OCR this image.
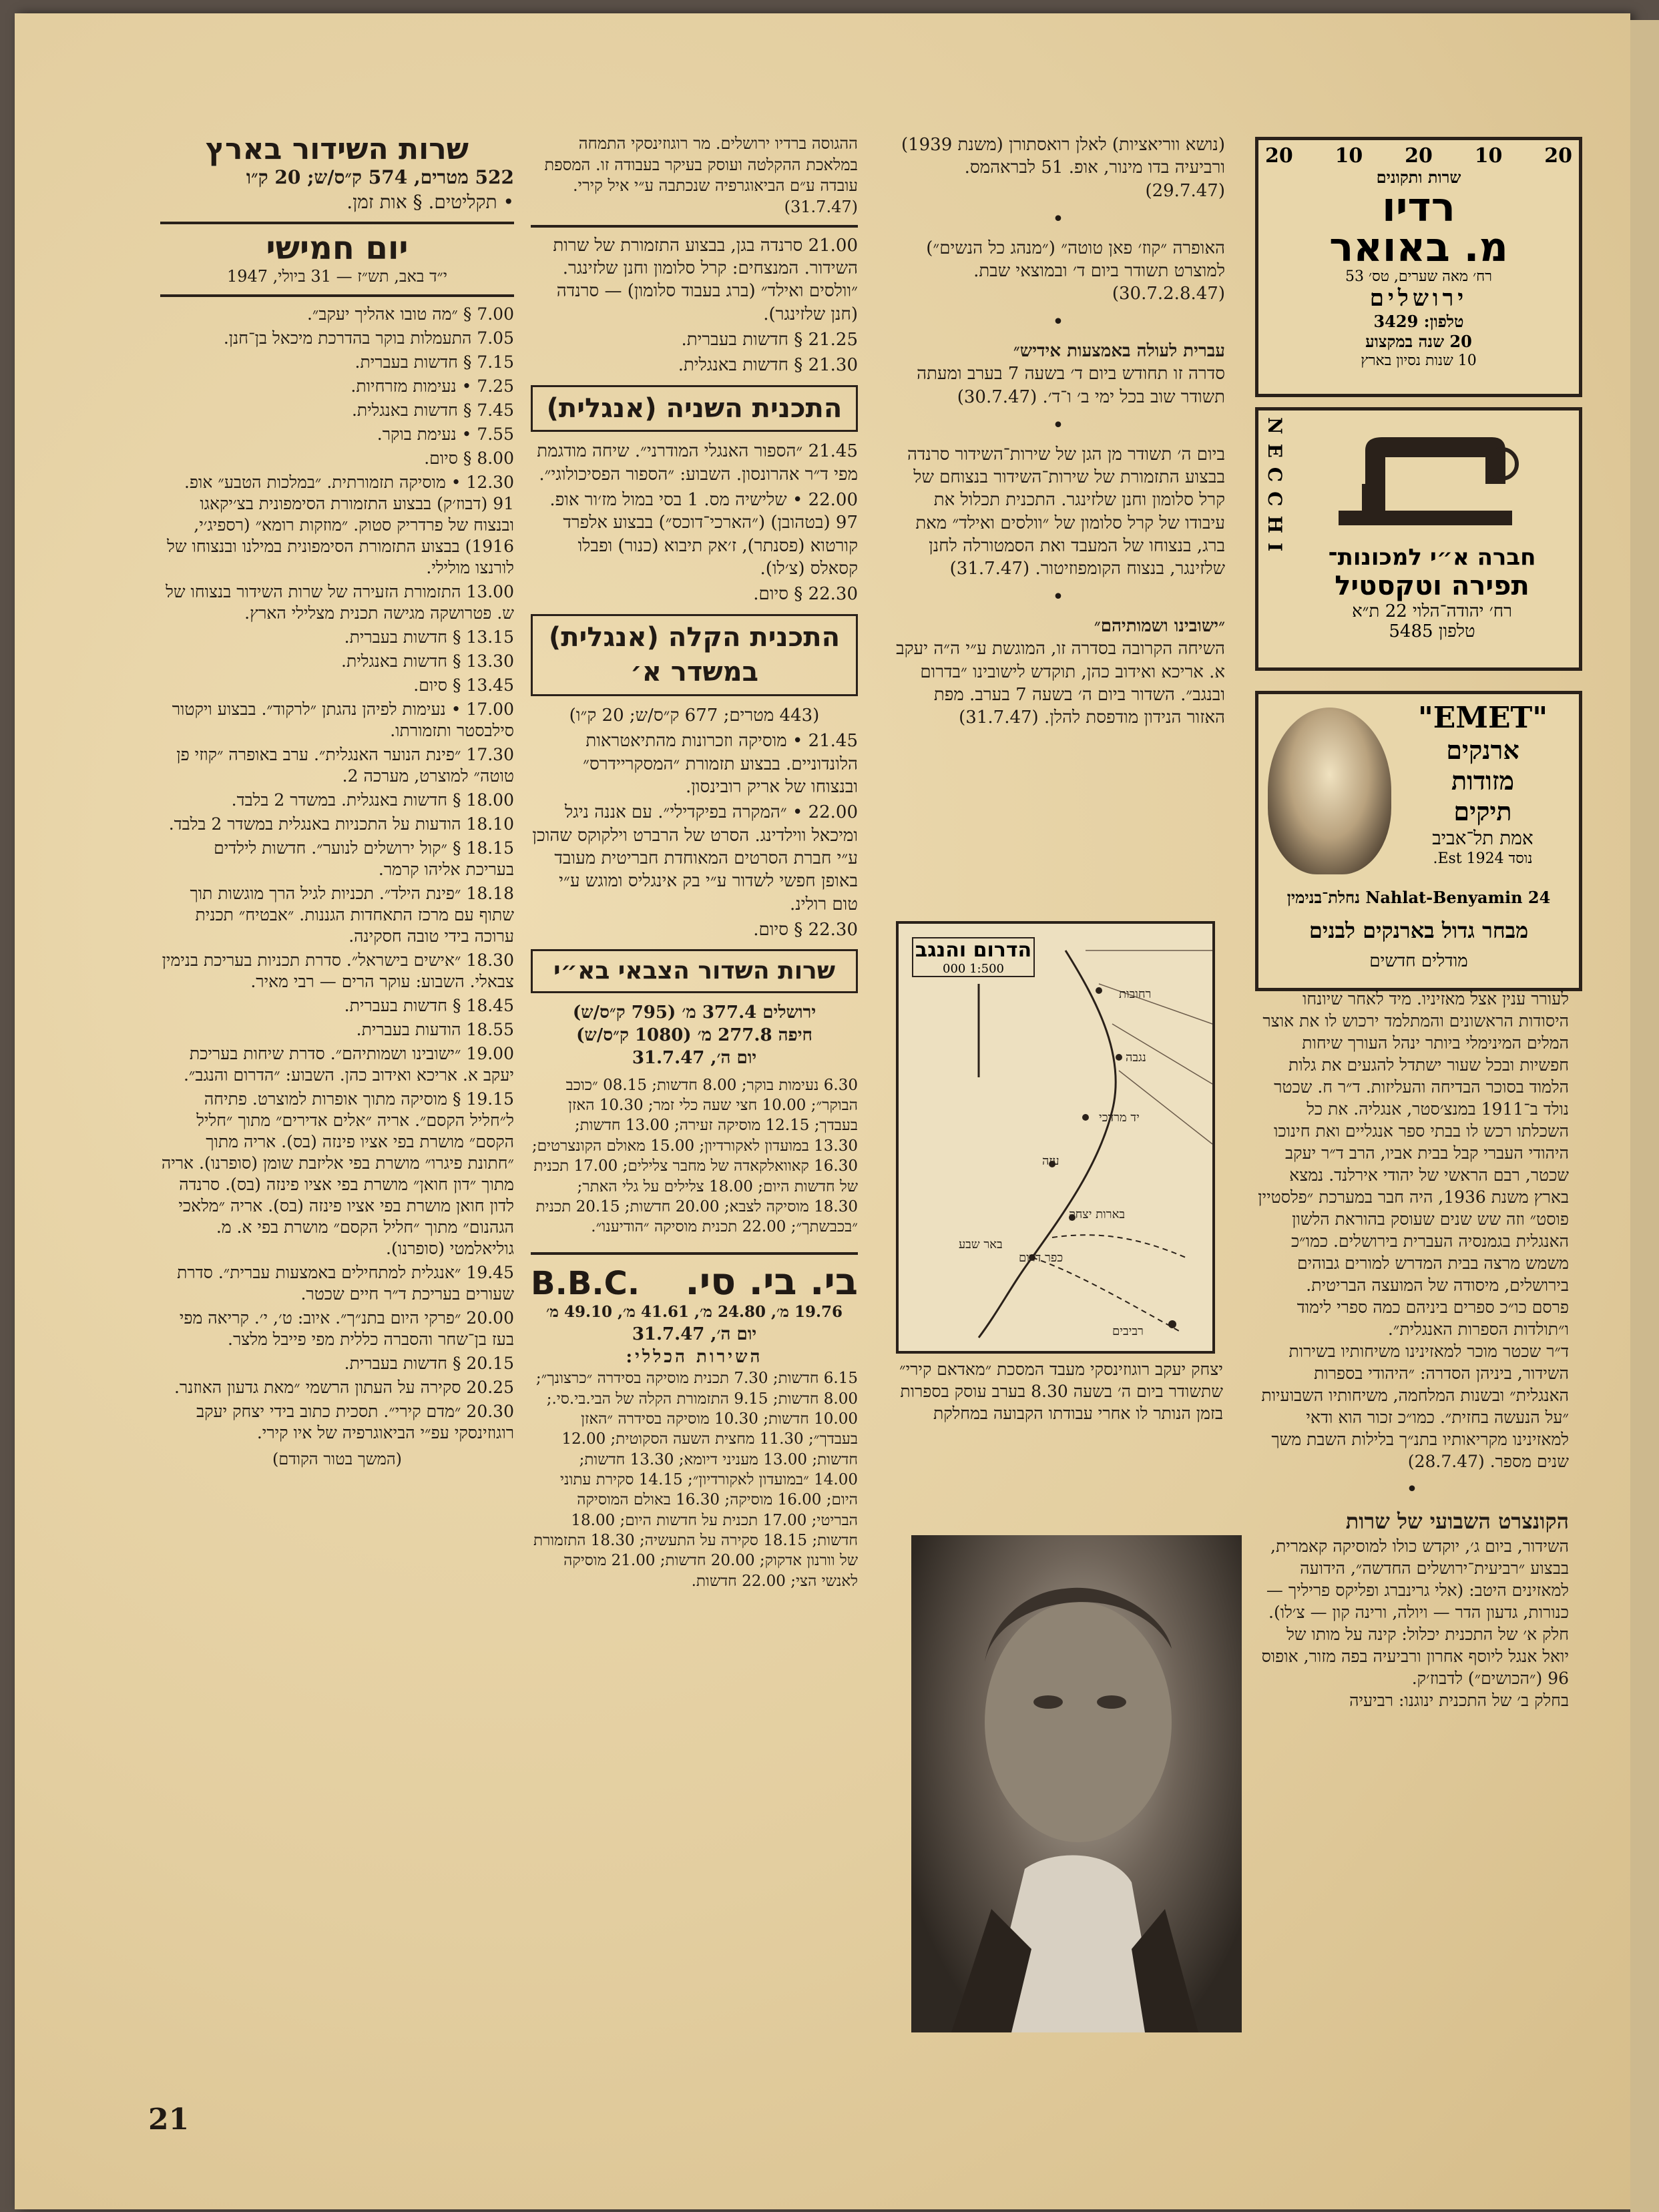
שרות השידור בארץ
522 מטרים, 574 ק״ס/ש; 20 ק״ו
• תקליטים. § אות זמן.
יום חמישי
י״ד באב, תש״ז — 31 ביולי, 1947
7.00 § ״מה טובו אהליך יעקב״.
7.05 התעמלות בוקר בהדרכת מיכאל בן־חנן.
7.15 § חדשות בעברית.
7.25 • נעימות מזרחיות.
7.45 § חדשות באנגלית.
7.55 • נעימת בוקר.
8.00 § סיום.
12.30 • מוסיקה תזמורתית. ״במלכות הטבע״ אופ. 91 (דבוז׳ק) בבצוע התזמורת הסימפונית בצ׳יקאגו ובנצוח של פרדריק סטוק. ״מוזקות רומא״ (רספיג׳י, 1916) בבצוע התזמורת הסימפונית במילנו ובנצוחו של לורנצו מולילי.
13.00 התזמורת הזעירה של שרות השידור בנצוחו של ש. פטרושקה מגישה תכנית מצלילי הארץ.
13.15 § חדשות בעברית.
13.30 § חדשות באנגלית.
13.45 § סיום.
17.00 • נעימות לפיהן נהגתן ״לרקוד״. בבצוע ויקטור סילבסטר ותזמורתו.
17.30 ״פינת הנוער האנגלית״. ערב באופרה ״קוזי פן טוטה״ למוצרט, מערכה 2.
18.00 § חדשות באנגלית. במשדר 2 בלבד.
18.10 הודעות על התכניות באנגלית במשדר 2 בלבד.
18.15 § ״קול ירושלים לנוער״. חדשות לילדים בעריכת אליהו קרמר.
18.18 ״פינת הילד״. תכניות לגיל הרך מוגשות תוך שתוף עם מרכז התאחדות הגננות. ״אבטיח״ תכנית ערוכה בידי טובה חסקינה.
18.30 ״אישים בישראל״. סדרת תכניות בעריכת בנימין צבאלי. השבוע: עוקר הרים — רבי מאיר.
18.45 § חדשות בעברית.
18.55 הודעות בעברית.
19.00 ״ישובינו ושמותיהם״. סדרת שיחות בעריכת יעקב א. אריכא ואידוב כהן. השבוע: ״הדרום והנגב״.
19.15 § מוסיקה מתוך אופרות למוצרט. פתיחה ל״חליל הקסם״. אריה ״אלים אדירים״ מתוך ״חליל הקסם״ מושרת בפי אציו פינזה (בס). אריה מתוך ״חתונת פיגרו״ מושרת בפי אליזבת שומן (סופרנו). אריה מתוך ״דון חואן״ מושרת בפי אציו פינזה (בס). סרנדה לדון חואן מושרת בפי אציו פינזה (בס). אריה ״מלאכי הגהנום״ מתוך ״חליל הקסם״ מושרת בפי א. מ. גוליאלמטי (סופרנו).
19.45 ״אנגלית למתחילים באמצעות עברית״. סדרת שעורים בעריכת ד״ר חיים שכטר.
20.00 ״פרקי היום בתנ״ך״. איוב: ט׳, י׳. קריאה מפי בעז בן־שחר והסברה כללית מפי פייבל מלצר.
20.15 § חדשות בעברית.
20.25 סקירה על העתון הרשמי ״מאת גדעון האוזנר.
20.30 ״מדם קירי״. תסכית כתוב בידי יצחק יעקב רוגוזינסקי עפ״י הביאוגרפיה של איו קירי.
(המשך בטור הקודם)
ההגוסה ברדיו ירושלים. מר רוגוזינסקי התמחה במלאכת ההקלטה ועוסק בעיקר בעבודה זו. המספת עובדה ע״ם הביאוגרפיה שנכתבה ע״י איל קירי. (31.7.47)
21.00 סרנדה בגן, בבצוע התזמורת של שרות השידור. המנצחים: קרל סלומון וחנן שלזינגר. ״וולסים ואילד״ (ברג בעבוד סלומון) — סרנדה (חנן שלזינגר).
21.25 § חדשות בעברית.
21.30 § חדשות באנגלית.
התכנית השניה (אנגלית)
21.45 ״הספור האנגלי המודרני״. שיחה מודגמת מפי ד״ר אהרונסון. השבוע: ״הספור הפסיכולוגי״.
22.00 • שלישיה מס. 1 בסי במול מז׳ור אופ. 97 (בטהובן) (״הארכי־דוכס״) בבצוע אלפרד קורטוא (פסנתר), ז׳אק תיבוא (כנור) ופבלו קסאלס (צ׳לו).
22.30 § סיום.
התכנית הקלה (אנגלית) במשדר א׳
(443 מטרים; 677 ק״ס/ש; 20 ק״ו)
21.45 • מוסיקה וזכרונות מהתיאטראות הלונדוניים. בבצוע תזמורת ״המסקריידרס״ ובנצוחו של אריק רובינסון.
22.00 • ״המקרה בפיקדילי״. עם אננה ניגל ומיכאל ווילדינג. הסרט של הרברט וילקוקס שהוכן ע״י חברת הסרטים המאוחדת חבריטית מעובד באופן חפשי לשדור ע״י בק אינגליס ומוגש ע״י טום רולינ.
22.30 § סיום.
שרות השדור הצבאי בא״י
ירושלים 377.4 מ׳ (795 ק״ס/ש)
חיפה 277.8 מ׳ (1080 ק״ס/ש)
יום ה׳, 31.7.47
6.30 נעימות בוקר; 8.00 חדשות; 08.15 ״כוכב הבוקר״; 10.00 חצי שעה כלי זמר; 10.30 האזן בעבדך; 12.15 מוסיקה זעירה; 13.00 חדשות; 13.30 במועדון לאקורדיון; 15.00 מאולם הקונצרטים; 16.30 קאוואלקאדה של מחבר צלילים; 17.00 תכנית של חדשות היום; 18.00 צלילים על גלי האתר; 18.30 מוסיקה לצבא; 20.00 חדשות; 20.15 תכנית ״בכבשתך״; 22.00 תכנית מוסיקה ״הודיענו״.
בי. בי. סי.
B.B.C.
19.76 מ׳, 24.80 מ׳, 41.61 מ׳, 49.10 מ׳
יום ה׳, 31.7.47
השירות הכללי:
6.15 חדשות; 7.30 תכנית מוסיקה בסידרה ״כרצונך״; 8.00 חדשות; 9.15 התזמורת הקלה של הבי.בי.סי.; 10.00 חדשות; 10.30 מוסיקה בסידרה ״האזן בעבדך״; 11.30 מחצית השעה הסקוטית; 12.00 חדשות; 13.00 מעניני דיומא; 13.30 חדשות; 14.00 ״במועדון לאקורדיון״; 14.15 סקירת עתוני היום; 16.00 מוסיקה; 16.30 באולם המוסיקה הבריטי; 17.00 תכנית על חדשות היום; 18.00 חדשות; 18.15 סקירה על התעשיה; 18.30 התזמורת של וורנון אדקוק; 20.00 חדשות; 21.00 מוסיקה לאנשי הצי; 22.00 חדשות.
(נושא ווריאציות) לאלן רואסתורן (משנת 1939) ורביעיה בדו מינור, אופ. 51 לבראהמס. (29.7.47)
•
האופרה ״קוז׳ פאן טוטה״ (״מנהג כל הנשים״) למוצרט תשודר ביום ד׳ ובמוצאי שבת. (30.7.2.8.47)
•
עברית לעולה באמצעות אידיש״
סדרה זו תחודש ביום ד׳ בשעה 7 בערב ומעתה תשודר שוב בכל ימי ב׳ ו־ד׳. (30.7.47)
•
ביום ה׳ תשודר מן הגן של שירות־השידור סרנדה בבצוע התזמורת של שירות־השידור בנצוחם של קרל סלומון וחנן שלזינגר. התכנית תכלול את עיבודו של קרל סלומון של ״וולסים ואילד״ מאת ברג, בנצוחו של המעבד ואת הסמטורלה לחנן שלזינגר, בנצוח הקומפוזיטור. (31.7.47)
•
״ישובינו ושמותיהם״
השיחה הקרובה בסדרה זו, המוגשת ע״י ה״ה יעקב א. אריכא ואידוב כהן, תוקדש לישובינו ״בדרום ובנגב״. השדור ביום ה׳ בשעה 7 בערב. מפת האזור הנידון מודפסת להלן. (31.7.47)
הדרום והנגב
1:500 000
רחובות
נגבה
יד מרדכי
עזה
בארות יצחק
כפר דרום
באר שבע
רביבים
יצחק יעקב רוגוזינסקי מעבד המסכת ״מאדאם קירי״ שתשודר ביום ה׳ בשעה 8.30 בערב עוסק בספרות בזמן הנותר לו אחרי עבודתו הקבועה במחלקת
20
10
20
10
20
שרות ותקונים
רדיו
מ. באואר
רח׳ מאה שערים, טס׳ 53
ירושלים
טלפון: 3429
20 שנה במקצוע
10 שנות נסיון בארץ
NECCHI	חברה א״י למכונות־
תפירה וטקסטיל
רח׳ יהודה־הלוי 22 ת״א
טלפון 5485
"EMET"
ארנקים
מזודות
תיקים
אמת תל־אביב
נוסד 1924 Est.
Nahlat-Benyamin 24 נחלת־בנימין
מבחר גדול בארנקים לבנים
מודלים חדשים
לעורר ענין אצל מאזיניו. מיד לאחר שיונחו היסודות הראשונים והמתלמד ירכוש לו את אוצר המלים המינימלי ביותר ינהל העורך שיחות חפשיות ובכל שעור ישתדל להגעים את גלות הלמוד בסוכר הבדיחה והעליזות. ד״ר ח. שכטר נולד ב־1911 במנצ׳סטר, אנגליה. את כל השכלתו רכש לו בבתי ספר אנגליים ואת חינוכו היהודי העברי קבל בבית אביו, הרב ד״ר יעקב שכטר, רבם הראשי של יהודי אירלנד. נמצא בארץ משנת 1936, היה חבר במערכת ״פלסטיין פוסט״ וזה שש שנים שעוסק בהוראת הלשון האנגלית בגמנסיה העברית בירושלים. כמו״כ משמש מרצה בבית המדרש למורים גבוהים בירושלים, מיסודה של המועצה הבריטית.
פרסם כו״כ ספרים ביניהם כמה ספרי לימוד ו״תולדות הספרות האנגלית״.
ד״ר שכטר מוכר למאזינינו משיחותיו בשירות השידור, ביניהן הסדרה: ״היהודי בספרות האנגלית״ ובשנות המלחמה, משיחותיו השבועיות ״על הנעשה בחזית״. כמו״כ זכור הוא ודאי למאזינינו מקריאותיו בתנ״ך בלילות השבת משך שנים מספר. (28.7.47)
•
הקונצרט השבועי של שרות
השידור, ביום ג׳, יוקדש כולו למוסיקה קאמרית, בבצוע ״רביעית־ירושלים החדשה״, הידועה למאזינים היטב: (אלי גרינברג ופליקס פריליך — כנורות, גדעון הדר — ויולה, ורינה קון — צ׳לו).
חלק א׳ של התכנית יכלול: קינה על מותו של יואל אנגל ליוסף אחרון ורביעיה בפה מזור, אופוס 96 (״הכושים״) לדבוז׳ק.
בחלק ב׳ של התכנית ינוגנו: רביעיה
21
